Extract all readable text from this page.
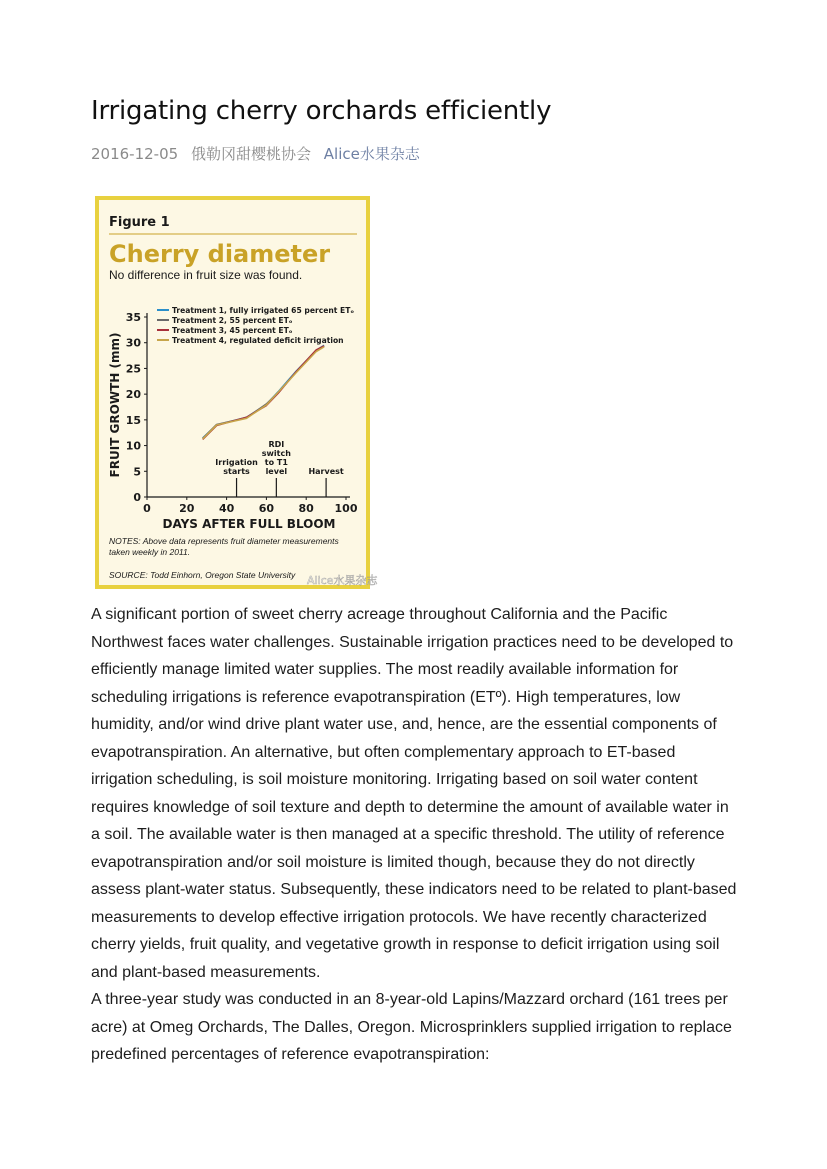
Irrigating cherry orchards efficiently
2016-12-05 俄勒冈甜樱桃协会 Alice水果杂志
Figure 1
Cherry diameter
No difference in fruit size was found.
Treatment 1, fully irrigated 65 percent ETₒ
Treatment 2, 55 percent ETₒ
Treatment 3, 45 percent ETₒ
Treatment 4, regulated deficit irrigation
0
5
10
15
20
25
30
35
0	20 40 60 80 100
Irrigation
starts
RDI
switch
to T1
level	Harvest
DAYS AFTER FULL BLOOM
FRUIT GROWTH (mm)
NOTES: Above data represents fruit diameter measurements taken weekly in 2011.
SOURCE: Todd Einhorn, Oregon State University Alice水果杂志

A significant portion of sweet cherry acreage throughout California and the Pacific Northwest faces water challenges. Sustainable irrigation practices need to be developed to efficiently manage limited water supplies. The most readily available information for scheduling irrigations is reference evapotranspiration (ETº). High temperatures, low humidity, and/or wind drive plant water use, and, hence, are the essential components of evapotranspiration. An alternative, but often complementary approach to ET-based irrigation scheduling, is soil moisture monitoring. Irrigating based on soil water content requires knowledge of soil texture and depth to determine the amount of available water in a soil. The available water is then managed at a specific threshold. The utility of reference evapotranspiration and/or soil moisture is limited though, because they do not directly assess plant-water status. Subsequently, these indicators need to be related to plant-based measurements to develop effective irrigation protocols. We have recently characterized cherry yields, fruit quality, and vegetative growth in response to deficit irrigation using soil and plant-based measurements.

A three-year study was conducted in an 8-year-old Lapins/Mazzard orchard (161 trees per acre) at Omeg Orchards, The Dalles, Oregon. Microsprinklers supplied irrigation to replace predefined percentages of reference evapotranspiration:
